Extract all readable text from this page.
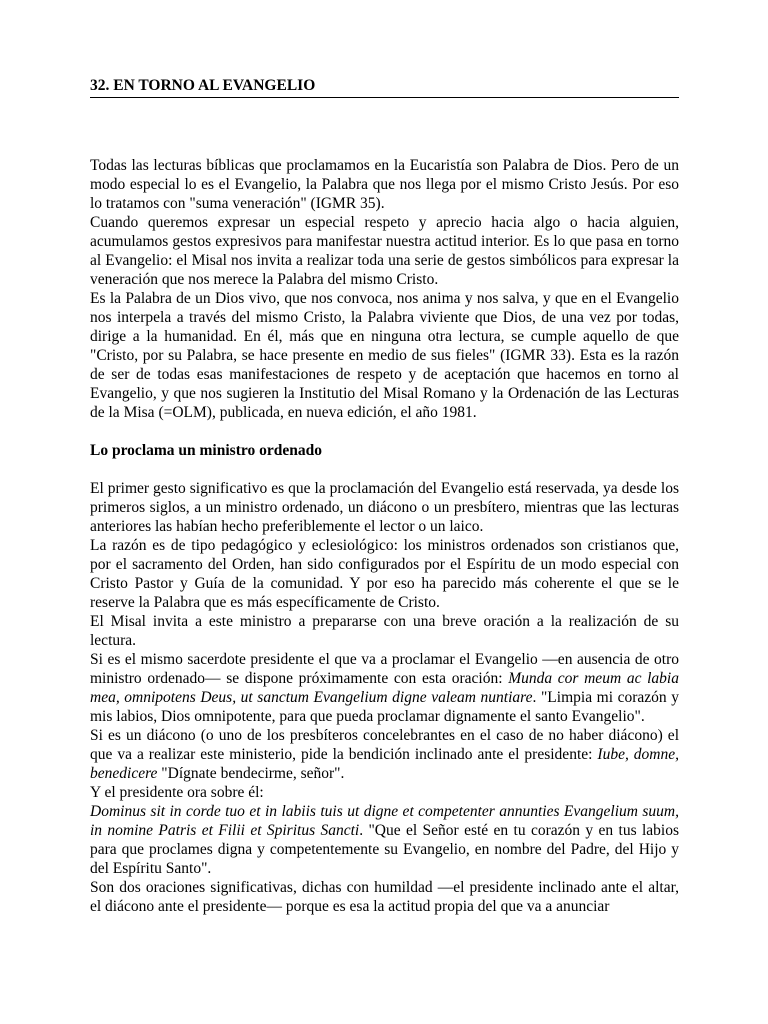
32. EN TORNO AL EVANGELIO

Todas las lecturas bíblicas que proclamamos en la Eucaristía son Palabra de Dios. Pero de un modo especial lo es el Evangelio, la Palabra que nos llega por el mismo Cristo Jesús. Por eso lo tratamos con "suma veneración" (IGMR 35).

Cuando queremos expresar un especial respeto y aprecio hacia algo o hacia alguien, acumulamos gestos expresivos para manifestar nuestra actitud interior. Es lo que pasa en torno al Evangelio: el Misal nos invita a realizar toda una serie de gestos simbólicos para expresar la veneración que nos merece la Palabra del mismo Cristo.

Es la Palabra de un Dios vivo, que nos convoca, nos anima y nos salva, y que en el Evangelio nos interpela a través del mismo Cristo, la Palabra viviente que Dios, de una vez por todas, dirige a la humanidad. En él, más que en ninguna otra lectura, se cumple aquello de que "Cristo, por su Palabra, se hace presente en medio de sus fieles" (IGMR 33). Esta es la razón de ser de todas esas manifestaciones de respeto y de aceptación que hacemos en torno al Evangelio, y que nos sugieren la Institutio del Misal Romano y la Ordenación de las Lecturas de la Misa (=OLM), publicada, en nueva edición, el año 1981.

Lo proclama un ministro ordenado

El primer gesto significativo es que la proclamación del Evangelio está reservada, ya desde los primeros siglos, a un ministro ordenado, un diácono o un presbítero, mientras que las lecturas anteriores las habían hecho preferiblemente el lector o un laico.

La razón es de tipo pedagógico y eclesiológico: los ministros ordenados son cristianos que, por el sacramento del Orden, han sido configurados por el Espíritu de un modo especial con Cristo Pastor y Guía de la comunidad. Y por eso ha parecido más coherente el que se le reserve la Palabra que es más específicamente de Cristo.

El Misal invita a este ministro a prepararse con una breve oración a la realización de su lectura.

Si es el mismo sacerdote presidente el que va a proclamar el Evangelio —en ausencia de otro ministro ordenado— se dispone próximamente con esta oración: Munda cor meum ac labia mea, omnipotens Deus, ut sanctum Evangelium digne valeam nuntiare. "Limpia mi corazón y mis labios, Dios omnipotente, para que pueda proclamar dignamente el santo Evangelio".

Si es un diácono (o uno de los presbíteros concelebrantes en el caso de no haber diácono) el que va a realizar este ministerio, pide la bendición inclinado ante el presidente: Iube, domne, benedicere "Dígnate bendecirme, señor".

Y el presidente ora sobre él:

Dominus sit in corde tuo et in labiis tuis ut digne et competenter annunties Evangelium suum, in nomine Patris et Filii et Spiritus Sancti. "Que el Señor esté en tu corazón y en tus labios para que proclames digna y competentemente su Evangelio, en nombre del Padre, del Hijo y del Espíritu Santo".

Son dos oraciones significativas, dichas con humildad —el presidente inclinado ante el altar, el diácono ante el presidente— porque es esa la actitud propia del que va a anunciar
